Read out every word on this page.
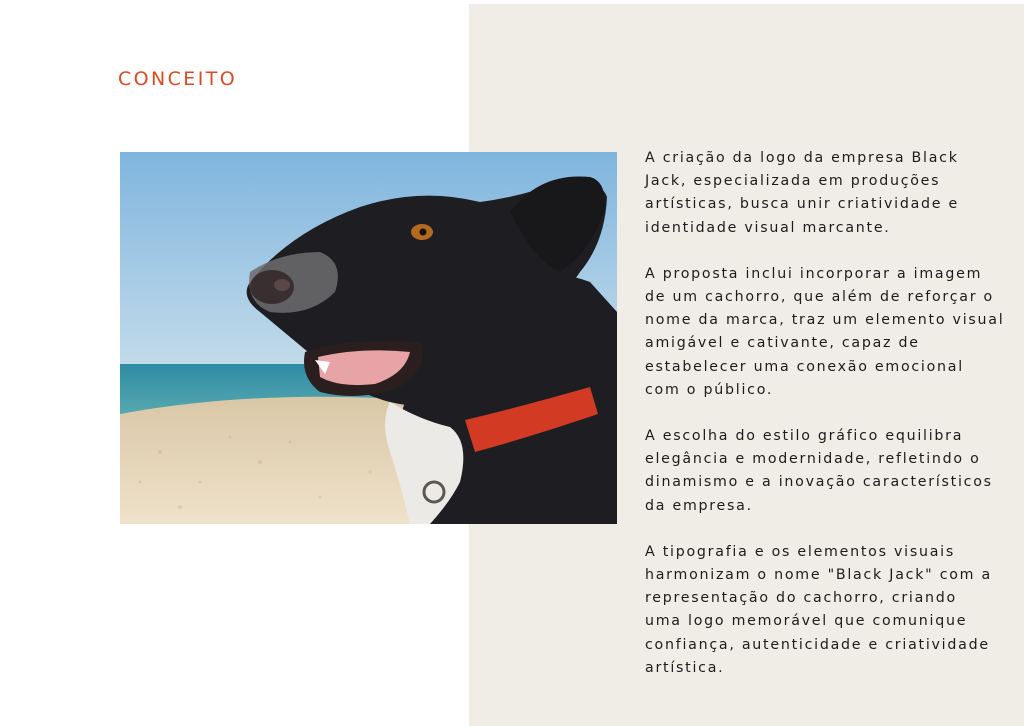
CONCEITO

A criação da logo da empresa Black
Jack, especializada em produções
artísticas, busca unir criatividade e
identidade visual marcante.

A proposta inclui incorporar a imagem
de um cachorro, que além de reforçar o
nome da marca, traz um elemento visual
amigável e cativante, capaz de
estabelecer uma conexão emocional
com o público.

A escolha do estilo gráfico equilibra
elegância e modernidade, refletindo o
dinamismo e a inovação característicos
da empresa.

A tipografia e os elementos visuais
harmonizam o nome "Black Jack" com a
representação do cachorro, criando
uma logo memorável que comunique
confiança, autenticidade e criatividade
artística.
